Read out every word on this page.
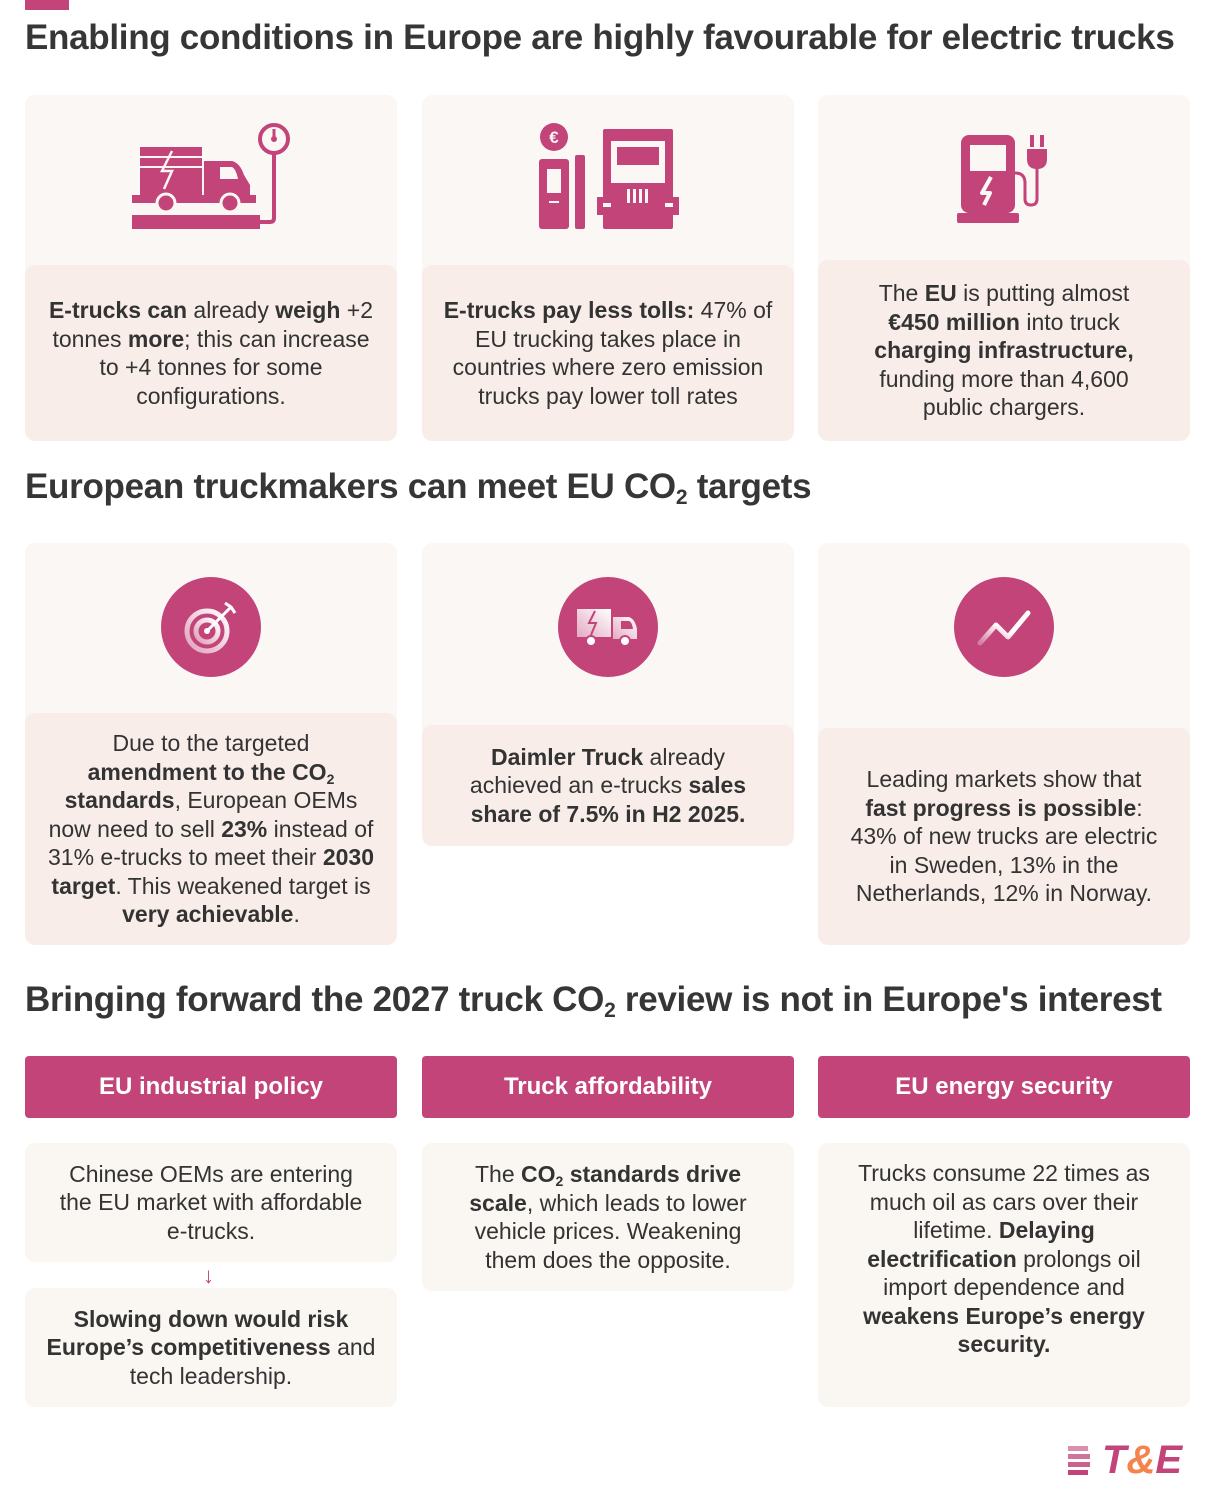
Enabling conditions in Europe are highly favourable for electric trucks

E-trucks can already weigh +2 tonnes more; this can increase to +4 tonnes for some configurations.

€

E-trucks pay less tolls: 47% of EU trucking takes place in countries where zero emission trucks pay lower toll rates

The EU is putting almost €450 million into truck charging infrastructure, funding more than 4,600 public chargers.

European truckmakers can meet EU $CO_2$ targets

Due to the targeted amendment to the $CO_2$ standards, European OEMs now need to sell 23% instead of 31% e-trucks to meet their 2030 target. This weakened target is very achievable.

Daimler Truck already achieved an e-trucks sales share of 7.5% in H2 2025.

Leading markets show that fast progress is possible: 43% of new trucks are electric in Sweden, 13% in the Netherlands, 12% in Norway.

Bringing forward the 2027 truck $CO_2$ review is not in Europe's interest
EU industrial policy	Truck affordability	EU energy security

Chinese OEMs are entering the EU market with affordable e-trucks.

↓

Slowing down would risk Europe’s competitiveness and tech leadership.

The $CO_2$ standards drive scale, which leads to lower vehicle prices. Weakening them does the opposite.

Trucks consume 22 times as much oil as cars over their lifetime. Delaying electrification prolongs oil import dependence and weakens Europe’s energy security.

T & E
